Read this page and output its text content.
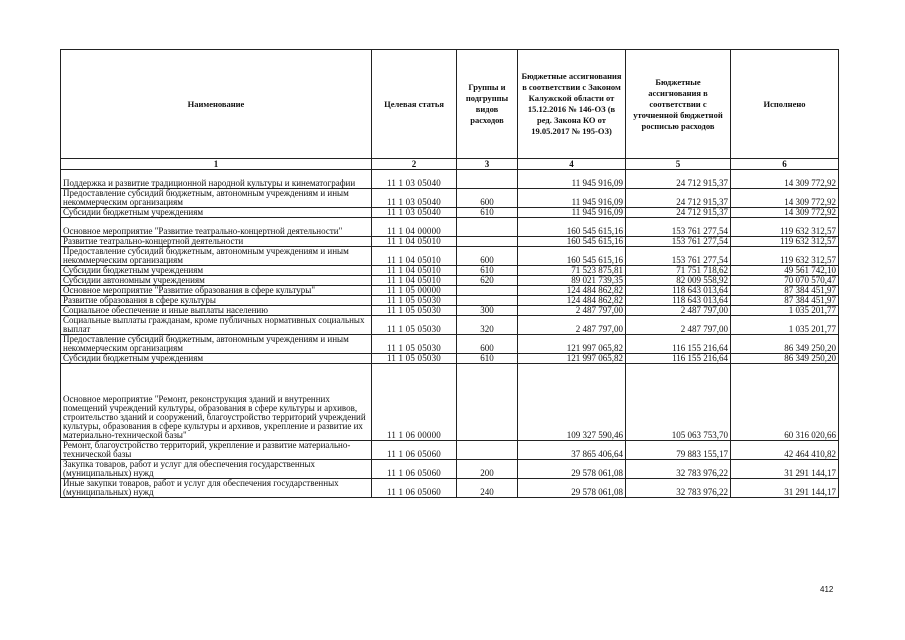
Наименование	Целевая статья	Группы и подгруппы видов расходов	Бюджетные ассигнования в соответствии с Законом Калужской области от 15.12.2016 № 146-ОЗ (в ред. Закона КО от 19.05.2017 № 195-ОЗ)	Бюджетные ассигнования в соответствии с уточненной бюджетной росписью расходов	Исполнено
1	2	3	4	5	6
Поддержка и развитие традиционной народной культуры и кинематографии	11 1 03 05040		11 945 916,09	24 712 915,37	14 309 772,92
Предоставление субсидий бюджетным, автономным учреждениям и иным некоммерческим организациям	11 1 03 05040	600	11 945 916,09	24 712 915,37	14 309 772,92
Субсидии бюджетным учреждениям	11 1 03 05040	610	11 945 916,09	24 712 915,37	14 309 772,92
Основное мероприятие "Развитие театрально-концертной деятельности"	11 1 04 00000		160 545 615,16	153 761 277,54	119 632 312,57
Развитие театрально-концертной деятельности	11 1 04 05010		160 545 615,16	153 761 277,54	119 632 312,57
Предоставление субсидий бюджетным, автономным учреждениям и иным некоммерческим организациям	11 1 04 05010	600	160 545 615,16	153 761 277,54	119 632 312,57
Субсидии бюджетным учреждениям	11 1 04 05010	610	71 523 875,81	71 751 718,62	49 561 742,10
Субсидии автономным учреждениям	11 1 04 05010	620	89 021 739,35	82 009 558,92	70 070 570,47
Основное мероприятие "Развитие образования в сфере культуры"	11 1 05 00000		124 484 862,82	118 643 013,64	87 384 451,97
Развитие образования в сфере культуры	11 1 05 05030		124 484 862,82	118 643 013,64	87 384 451,97
Социальное обеспечение и иные выплаты населению	11 1 05 05030	300	2 487 797,00	2 487 797,00	1 035 201,77
Социальные выплаты гражданам, кроме публичных нормативных социальных выплат	11 1 05 05030	320	2 487 797,00	2 487 797,00	1 035 201,77
Предоставление субсидий бюджетным, автономным учреждениям и иным некоммерческим организациям	11 1 05 05030	600	121 997 065,82	116 155 216,64	86 349 250,20
Субсидии бюджетным учреждениям	11 1 05 05030	610	121 997 065,82	116 155 216,64	86 349 250,20
Основное мероприятие "Ремонт, реконструкция зданий и внутренних помещений учреждений культуры, образования в сфере культуры и архивов, строительство зданий и сооружений, благоустройство территорий учреждений культуры, образования в сфере культуры и архивов, укрепление и развитие их материально-технической базы"	11 1 06 00000		109 327 590,46	105 063 753,70	60 316 020,66
Ремонт, благоустройство территорий, укрепление и развитие материально-технической базы	11 1 06 05060		37 865 406,64	79 883 155,17	42 464 410,82
Закупка товаров, работ и услуг для обеспечения государственных (муниципальных) нужд	11 1 06 05060	200	29 578 061,08	32 783 976,22	31 291 144,17
Иные закупки товаров, работ и услуг для обеспечения государственных (муниципальных) нужд	11 1 06 05060	240	29 578 061,08	32 783 976,22	31 291 144,17
412
